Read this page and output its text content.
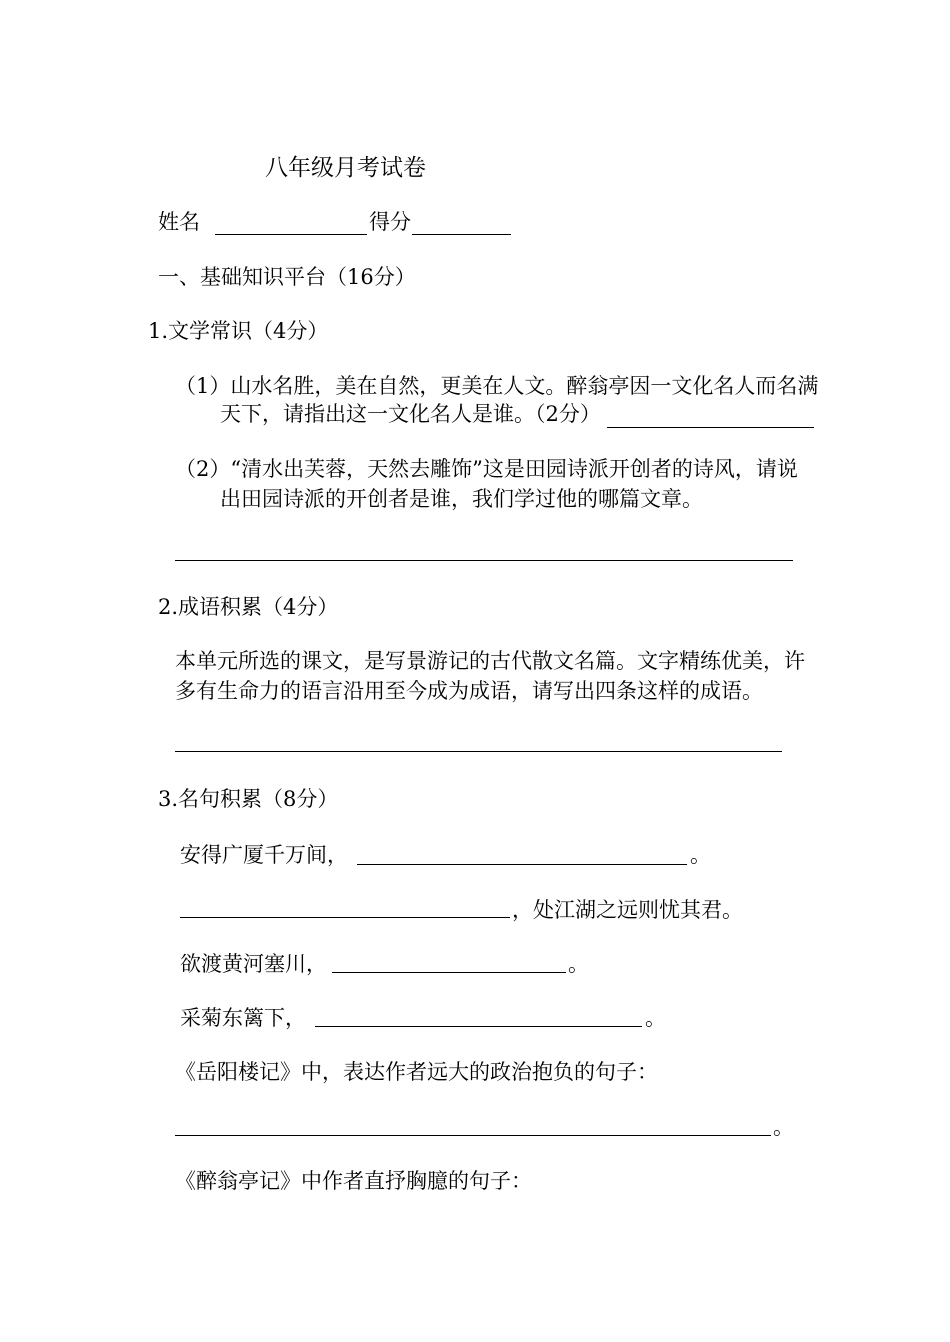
八年级月考试卷
姓名	得分
一、基础知识平台（16分）
1.文学常识（4分）
（1）山水名胜，美在自然，更美在人文。醉翁亭因一文化名人而名满
天下，请指出这一文化名人是谁。（2分）
（2）“清水出芙蓉，天然去雕饰”这是田园诗派开创者的诗风，请说
出田园诗派的开创者是谁，我们学过他的哪篇文章。
2.成语积累（4分）
本单元所选的课文，是写景游记的古代散文名篇。文字精练优美，许
多有生命力的语言沿用至今成为成语，请写出四条这样的成语。
3.名句积累（8分）
安得广厦千万间，	。
，处江湖之远则忧其君。
欲渡黄河塞川，	。
采菊东篱下，	。
《岳阳楼记》中，表达作者远大的政治抱负的句子：
。
《醉翁亭记》中作者直抒胸臆的句子：
